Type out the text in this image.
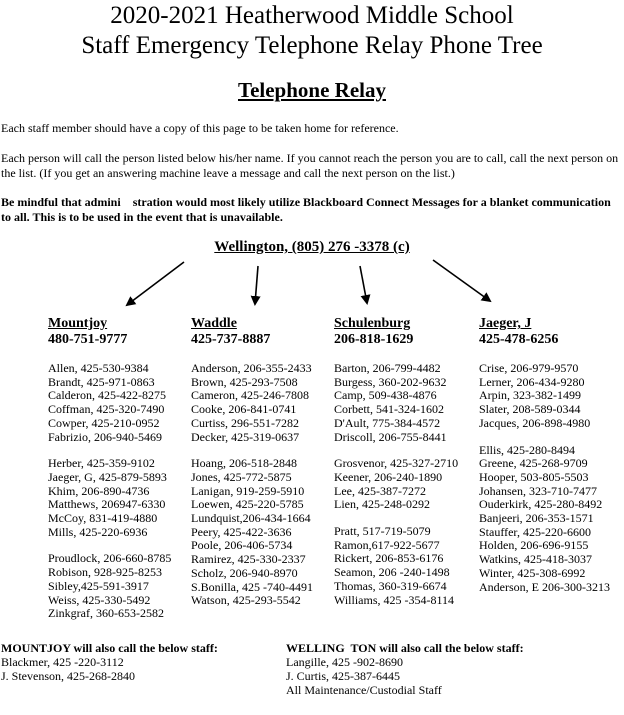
2020-2021 Heatherwood Middle School
Staff Emergency Telephone Relay Phone Tree
Telephone Relay
Each staff member should have a copy of this page to be taken home for reference.
Each person will call the person listed below his/her name. If you cannot reach the person you are to call, call the next person on the list. (If you get an answering machine leave a message and call the next person on the list.)
Be mindful that admini    stration would most likely utilize Blackboard Connect Messages for a blanket communication to all. This is to be used in the event that is unavailable.
Wellington, (805) 276 -3378 (c)
Mountjoy
480-751-9777
Allen, 425-530-9384
Brandt, 425-971-0863
Calderon, 425-422-8275
Coffman, 425-320-7490
Cowper, 425-210-0952
Fabrizio, 206-940-5469
Herber, 425-359-9102
Jaeger, G, 425-879-5893
Khim, 206-890-4736
Matthews, 206947-6330
McCoy, 831-419-4880
Mills, 425-220-6936
Proudlock, 206-660-8785
Robison, 928-925-8253
Sibley,425-591-3917
Weiss, 425-330-5492
Zinkgraf, 360-653-2582
Waddle
425-737-8887
Anderson, 206-355-2433
Brown, 425-293-7508
Cameron, 425-246-7808
Cooke, 206-841-0741
Curtiss, 296-551-7282
Decker, 425-319-0637
Hoang, 206-518-2848
Jones, 425-772-5875
Lanigan, 919-259-5910
Loewen, 425-220-5785
Lundquist,206-434-1664
Peery, 425-422-3636
Poole, 206-406-5734
Ramirez, 425-330-2337
Scholz, 206-940-8970
S.Bonilla, 425 -740-4491
Watson, 425-293-5542
Schulenburg
206-818-1629
Barton, 206-799-4482
Burgess, 360-202-9632
Camp, 509-438-4876
Corbett, 541-324-1602
D'Ault, 775-384-4572
Driscoll, 206-755-8441
Grosvenor, 425-327-2710
Keener, 206-240-1890
Lee, 425-387-7272
Lien, 425-248-0292
Pratt, 517-719-5079
Ramon,617-922-5677
Rickert, 206-853-6176
Seamon, 206 -240-1498
Thomas, 360-319-6674
Williams, 425 -354-8114
Jaeger, J
425-478-6256
Crise, 206-979-9570
Lerner, 206-434-9280
Arpin, 323-382-1499
Slater, 208-589-0344
Jacques, 206-898-4980
Ellis, 425-280-8494
Greene, 425-268-9709
Hooper, 503-805-5503
Johansen, 323-710-7477
Ouderkirk, 425-280-8492
Banjeeri, 206-353-1571
Stauffer, 425-220-6600
Holden, 206-696-9155
Watkins, 425-418-3037
Winter, 425-308-6992
Anderson, E 206-300-3213
MOUNTJOY will also call the below staff:
Blackmer, 425 -220-3112
J. Stevenson, 425-268-2840
WELLING  TON will also call the below staff:
Langille, 425 -902-8690
J. Curtis, 425-387-6445
All Maintenance/Custodial Staff
